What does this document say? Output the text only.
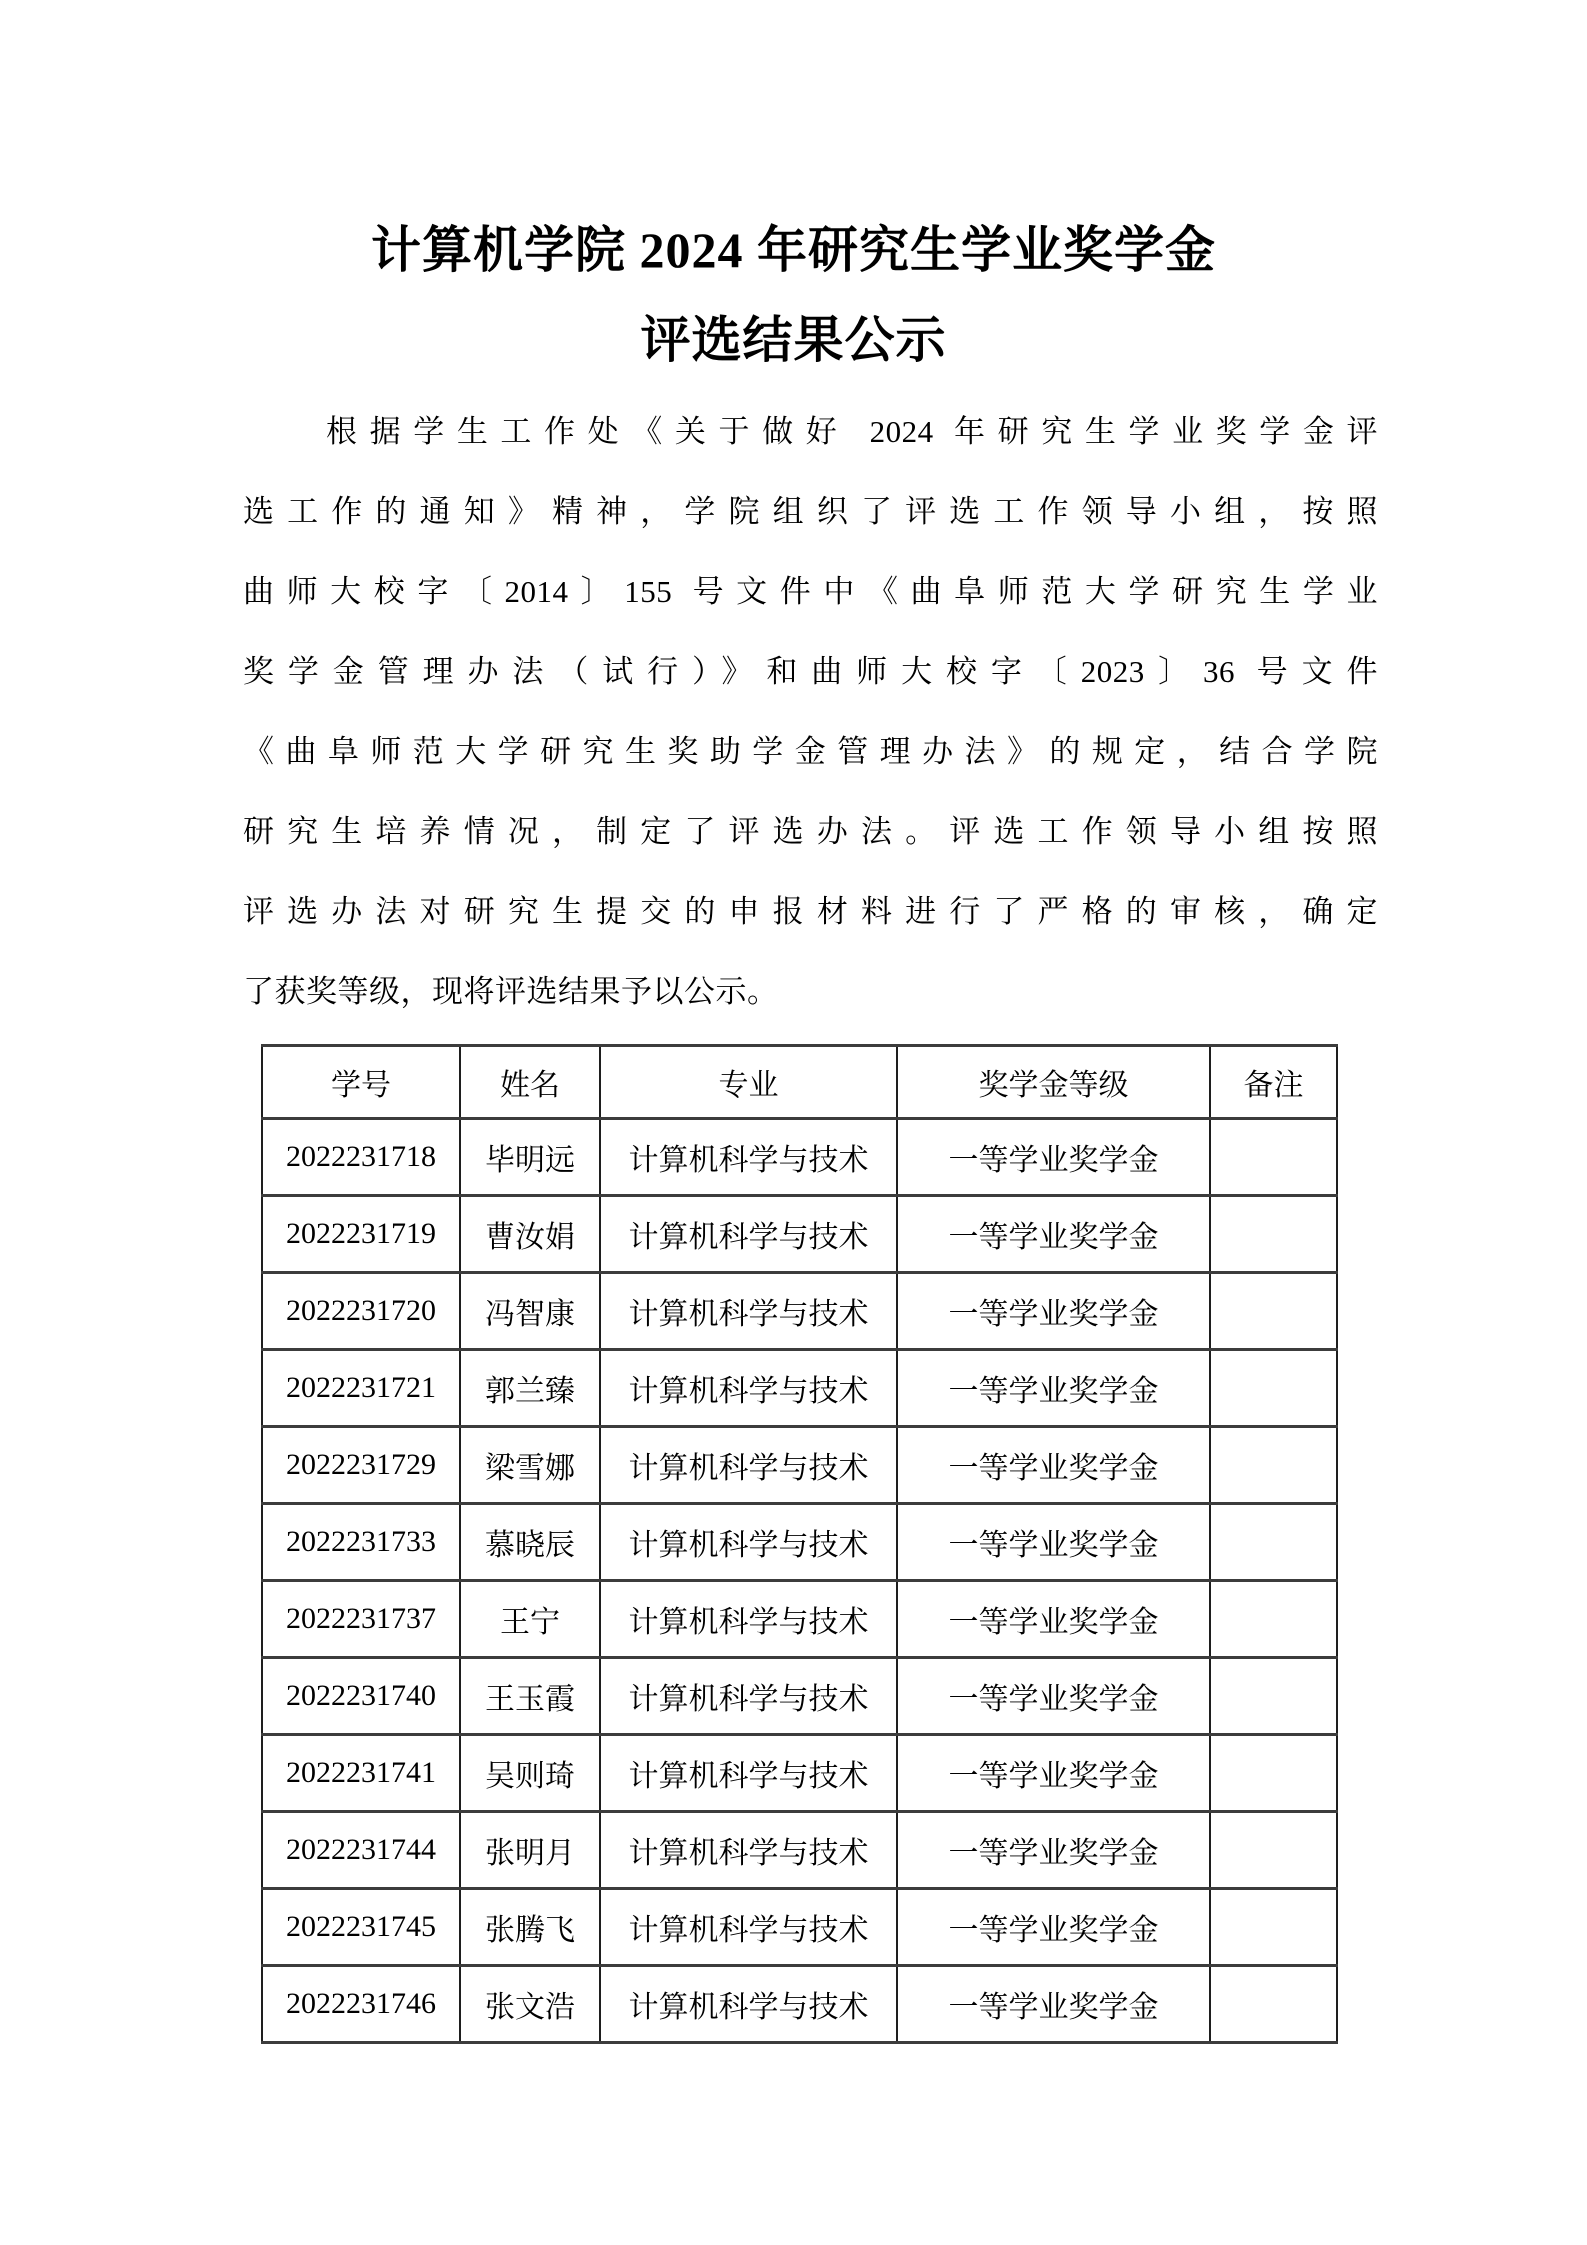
计算机学院 2024 年研究生学业奖学金
评选结果公示
根据学生工作处《关于做好 2024 年研究生学业奖学金评
选工作的通知》精神，学院组织了评选工作领导小组，按照
曲师大校字〔2014〕155 号文件中《曲阜师范大学研究生学业
奖学金管理办法（试行）》和曲师大校字〔2023〕36 号文件
《曲阜师范大学研究生奖助学金管理办法》的规定，结合学院
研究生培养情况，制定了评选办法。评选工作领导小组按照
评选办法对研究生提交的申报材料进行了严格的审核，确定
了获奖等级，现将评选结果予以公示。
学号	姓名	专业	奖学金等级	备注
2022231718	毕明远	计算机科学与技术	一等学业奖学金	
2022231719	曹汝娟	计算机科学与技术	一等学业奖学金	
2022231720	冯智康	计算机科学与技术	一等学业奖学金	
2022231721	郭兰臻	计算机科学与技术	一等学业奖学金	
2022231729	梁雪娜	计算机科学与技术	一等学业奖学金	
2022231733	慕晓辰	计算机科学与技术	一等学业奖学金	
2022231737	王宁	计算机科学与技术	一等学业奖学金	
2022231740	王玉霞	计算机科学与技术	一等学业奖学金	
2022231741	吴则琦	计算机科学与技术	一等学业奖学金	
2022231744	张明月	计算机科学与技术	一等学业奖学金	
2022231745	张腾飞	计算机科学与技术	一等学业奖学金	
2022231746	张文浩	计算机科学与技术	一等学业奖学金	
